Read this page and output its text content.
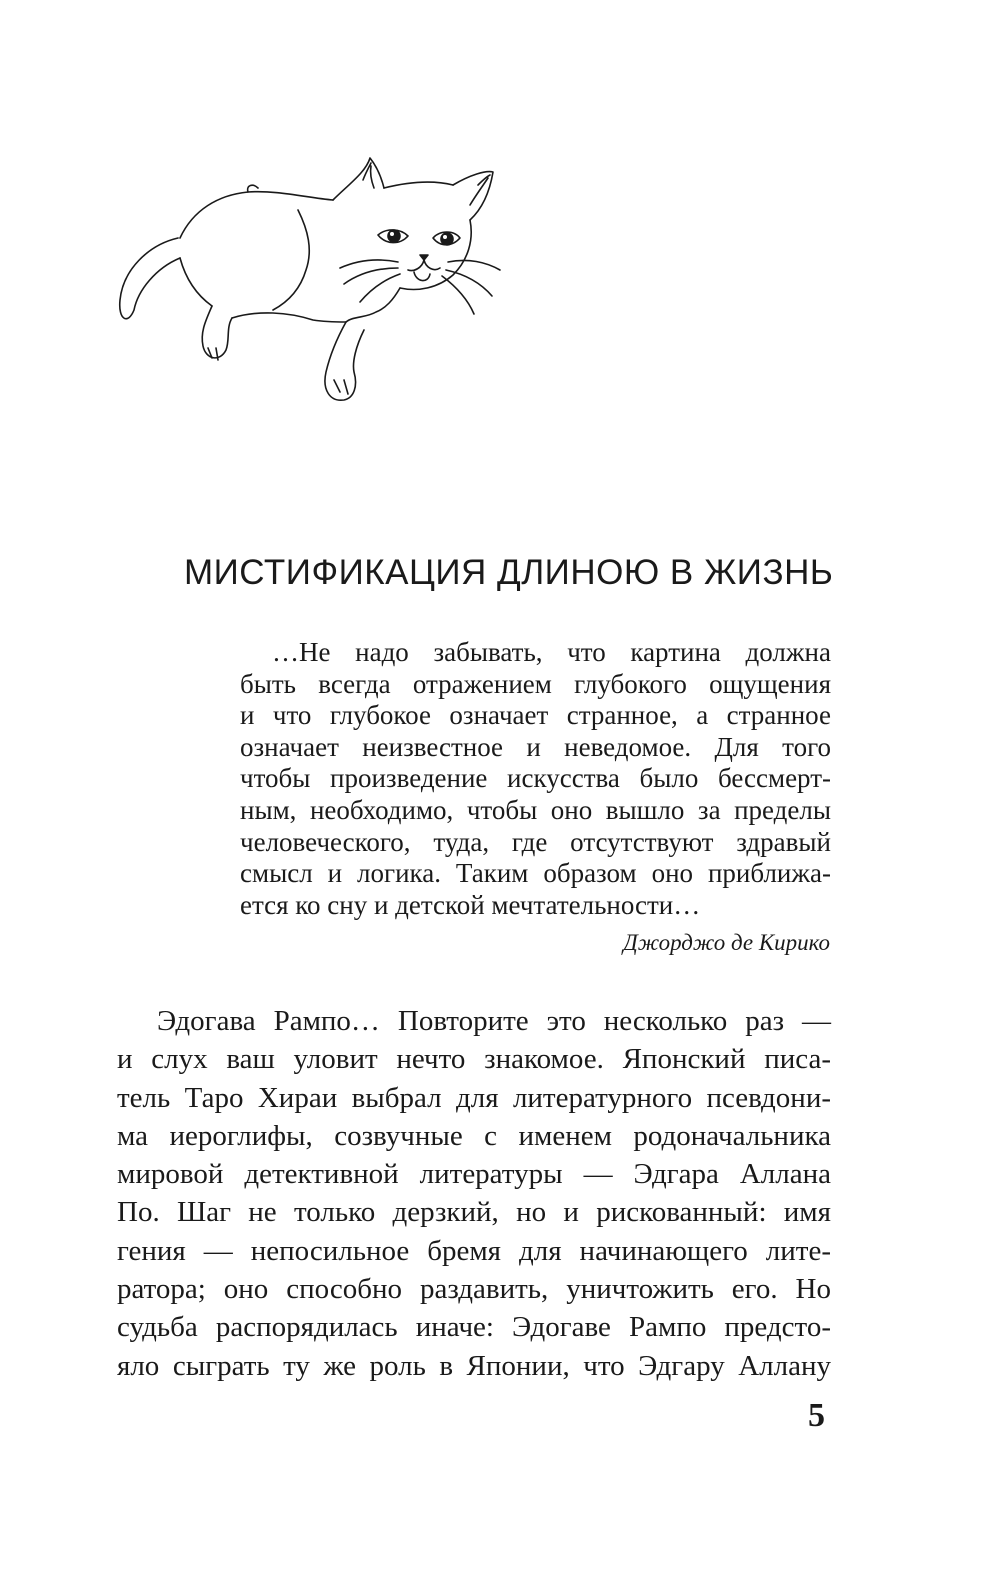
МИСТИФИКАЦИЯ ДЛИНОЮ В ЖИЗНЬ
…Не надо забывать, что картина должна
быть всегда отражением глубокого ощущения
и что глубокое означает странное, а странное
означает неизвестное и неведомое. Для того
чтобы произведение искусства было бессмерт-
ным, необходимо, чтобы оно вышло за пределы
человеческого, туда, где отсутствуют здравый
смысл и логика. Таким образом оно приближа-
ется ко сну и детской мечтательности…
Джорджо де Кирико
Эдогава Рампо… Повторите это несколько раз —
и слух ваш уловит нечто знакомое. Японский писа-
тель Таро Хираи выбрал для литературного псевдони-
ма иероглифы, созвучные с именем родоначальника
мировой детективной литературы — Эдгара Аллана
По. Шаг не только дерзкий, но и рискованный: имя
гения — непосильное бремя для начинающего лите-
ратора; оно способно раздавить, уничтожить его. Но
судьба распорядилась иначе: Эдогаве Рампо предсто-
яло сыграть ту же роль в Японии, что Эдгару Аллану
5
